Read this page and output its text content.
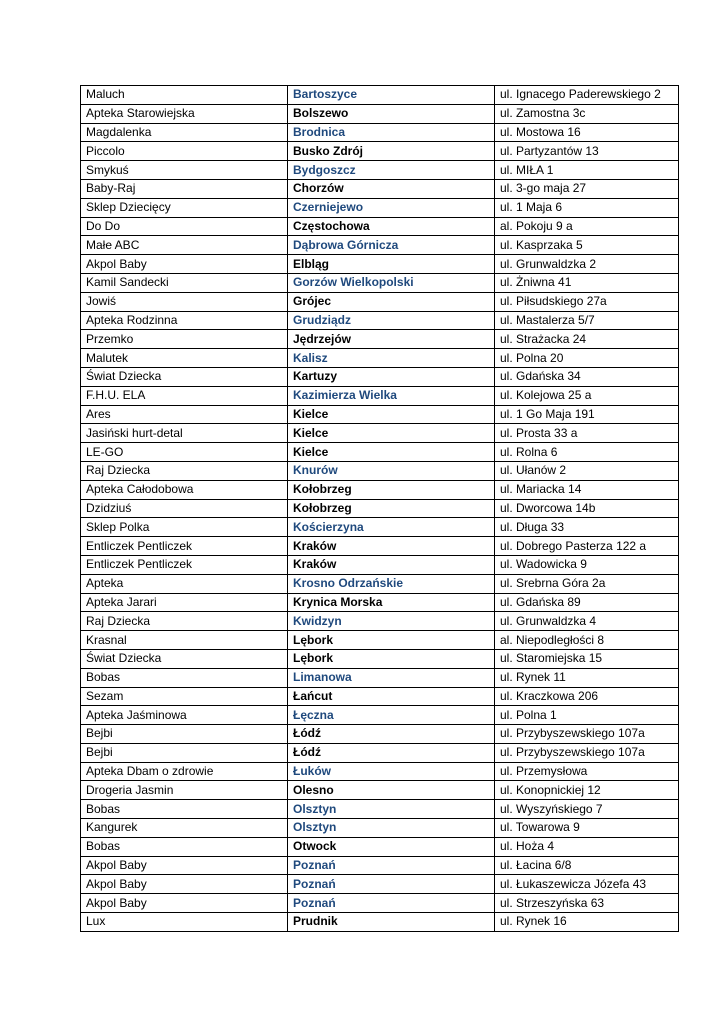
Maluch	Bartoszyce	ul. Ignacego Paderewskiego 2
Apteka Starowiejska	Bolszewo	ul. Zamostna 3c
Magdalenka	Brodnica	ul. Mostowa 16
Piccolo	Busko Zdrój	ul. Partyzantów 13
Smykuś	Bydgoszcz	ul. MIŁA 1
Baby-Raj	Chorzów	ul. 3-go maja 27
Sklep Dziecięcy	Czerniejewo	ul. 1 Maja 6
Do Do	Częstochowa	al. Pokoju 9 a
Małe ABC	Dąbrowa Górnicza	ul. Kasprzaka 5
Akpol Baby	Elbląg	ul. Grunwaldzka 2
Kamil Sandecki	Gorzów Wielkopolski	ul. Żniwna 41
Jowiś	Grójec	ul. Piłsudskiego 27a
Apteka Rodzinna	Grudziądz	ul. Mastalerza 5/7
Przemko	Jędrzejów	ul. Strażacka 24
Malutek	Kalisz	ul. Polna 20
Świat Dziecka	Kartuzy	ul. Gdańska 34
F.H.U. ELA	Kazimierza Wielka	ul. Kolejowa 25 a
Ares	Kielce	ul. 1 Go Maja 191
Jasiński hurt-detal	Kielce	ul. Prosta 33 a
LE-GO	Kielce	ul. Rolna 6
Raj Dziecka	Knurów	ul. Ułanów 2
Apteka Całodobowa	Kołobrzeg	ul. Mariacka 14
Dzidziuś	Kołobrzeg	ul. Dworcowa 14b
Sklep Polka	Kościerzyna	ul. Długa 33
Entliczek Pentliczek	Kraków	ul. Dobrego Pasterza 122 a
Entliczek Pentliczek	Kraków	ul. Wadowicka 9
Apteka	Krosno Odrzańskie	ul. Srebrna Góra 2a
Apteka Jarari	Krynica Morska	ul. Gdańska 89
Raj Dziecka	Kwidzyn	ul. Grunwaldzka 4
Krasnal	Lębork	al. Niepodległości 8
Świat Dziecka	Lębork	ul. Staromiejska 15
Bobas	Limanowa	ul. Rynek 11
Sezam	Łańcut	ul. Kraczkowa 206
Apteka Jaśminowa	Łęczna	ul. Polna 1
Bejbi	Łódź	ul. Przybyszewskiego 107a
Bejbi	Łódź	ul. Przybyszewskiego 107a
Apteka Dbam o zdrowie	Łuków	ul. Przemysłowa
Drogeria Jasmin	Olesno	ul. Konopnickiej 12
Bobas	Olsztyn	ul. Wyszyńskiego 7
Kangurek	Olsztyn	ul. Towarowa 9
Bobas	Otwock	ul. Hoża 4
Akpol Baby	Poznań	ul. Łacina 6/8
Akpol Baby	Poznań	ul. Łukaszewicza Józefa 43
Akpol Baby	Poznań	ul. Strzeszyńska 63
Lux	Prudnik	ul. Rynek 16
